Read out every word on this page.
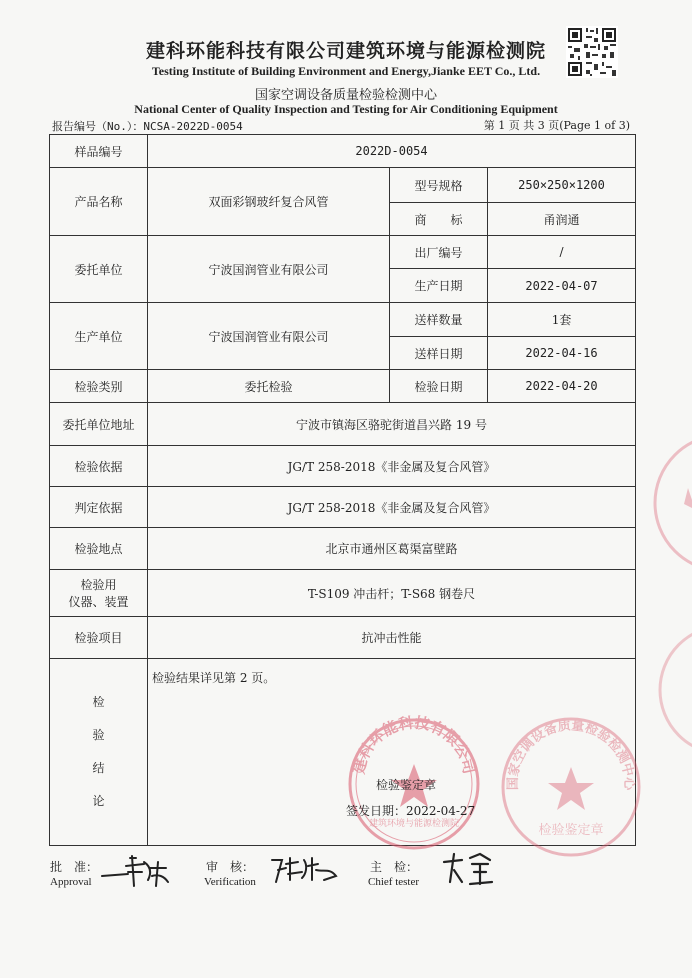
建科环能科技有限公司建筑环境与能源检测院
Testing Institute of Building Environment and Energy,Jianke EET Co., Ltd.
国家空调设备质量检验检测中心
National Center of Quality Inspection and Testing for Air Conditioning Equipment
报告编号（No.）：NCSA-2022D-0054	第 1 页 共 3 页(Page 1 of 3)
样品编号	2022D-0054		
产品名称	双面彩钢玻纤复合风管	型号规格	250×250×1200
		商　　标	甬润通
委托单位	宁波国润管业有限公司	出厂编号	/
		生产日期	2022-04-07
生产单位	宁波国润管业有限公司	送样数量	1套
		送样日期	2022-04-16
检验类别	委托检验	检验日期	2022-04-20
委托单位地址	宁波市镇海区骆驼街道昌兴路 19 号		
检验依据	JG/T 258-2018《非金属及复合风管》		
判定依据	JG/T 258-2018《非金属及复合风管》		
检验地点	北京市通州区葛渠富壁路		

检验用
仪器、装置	T-S109 冲击杆；T-S68 钢卷尺		
检验项目	抗冲击性能		

检
验
结
论	检验结果详见第 2 页。		
建科环能科技有限公司
建筑环境与能源检测院
国家空调设备质量检验检测中心
检验鉴定章
检验鉴定章
签发日期：2022-04-27
批　准：
Approval
审　核：
Verification
主　检：
Chief tester
